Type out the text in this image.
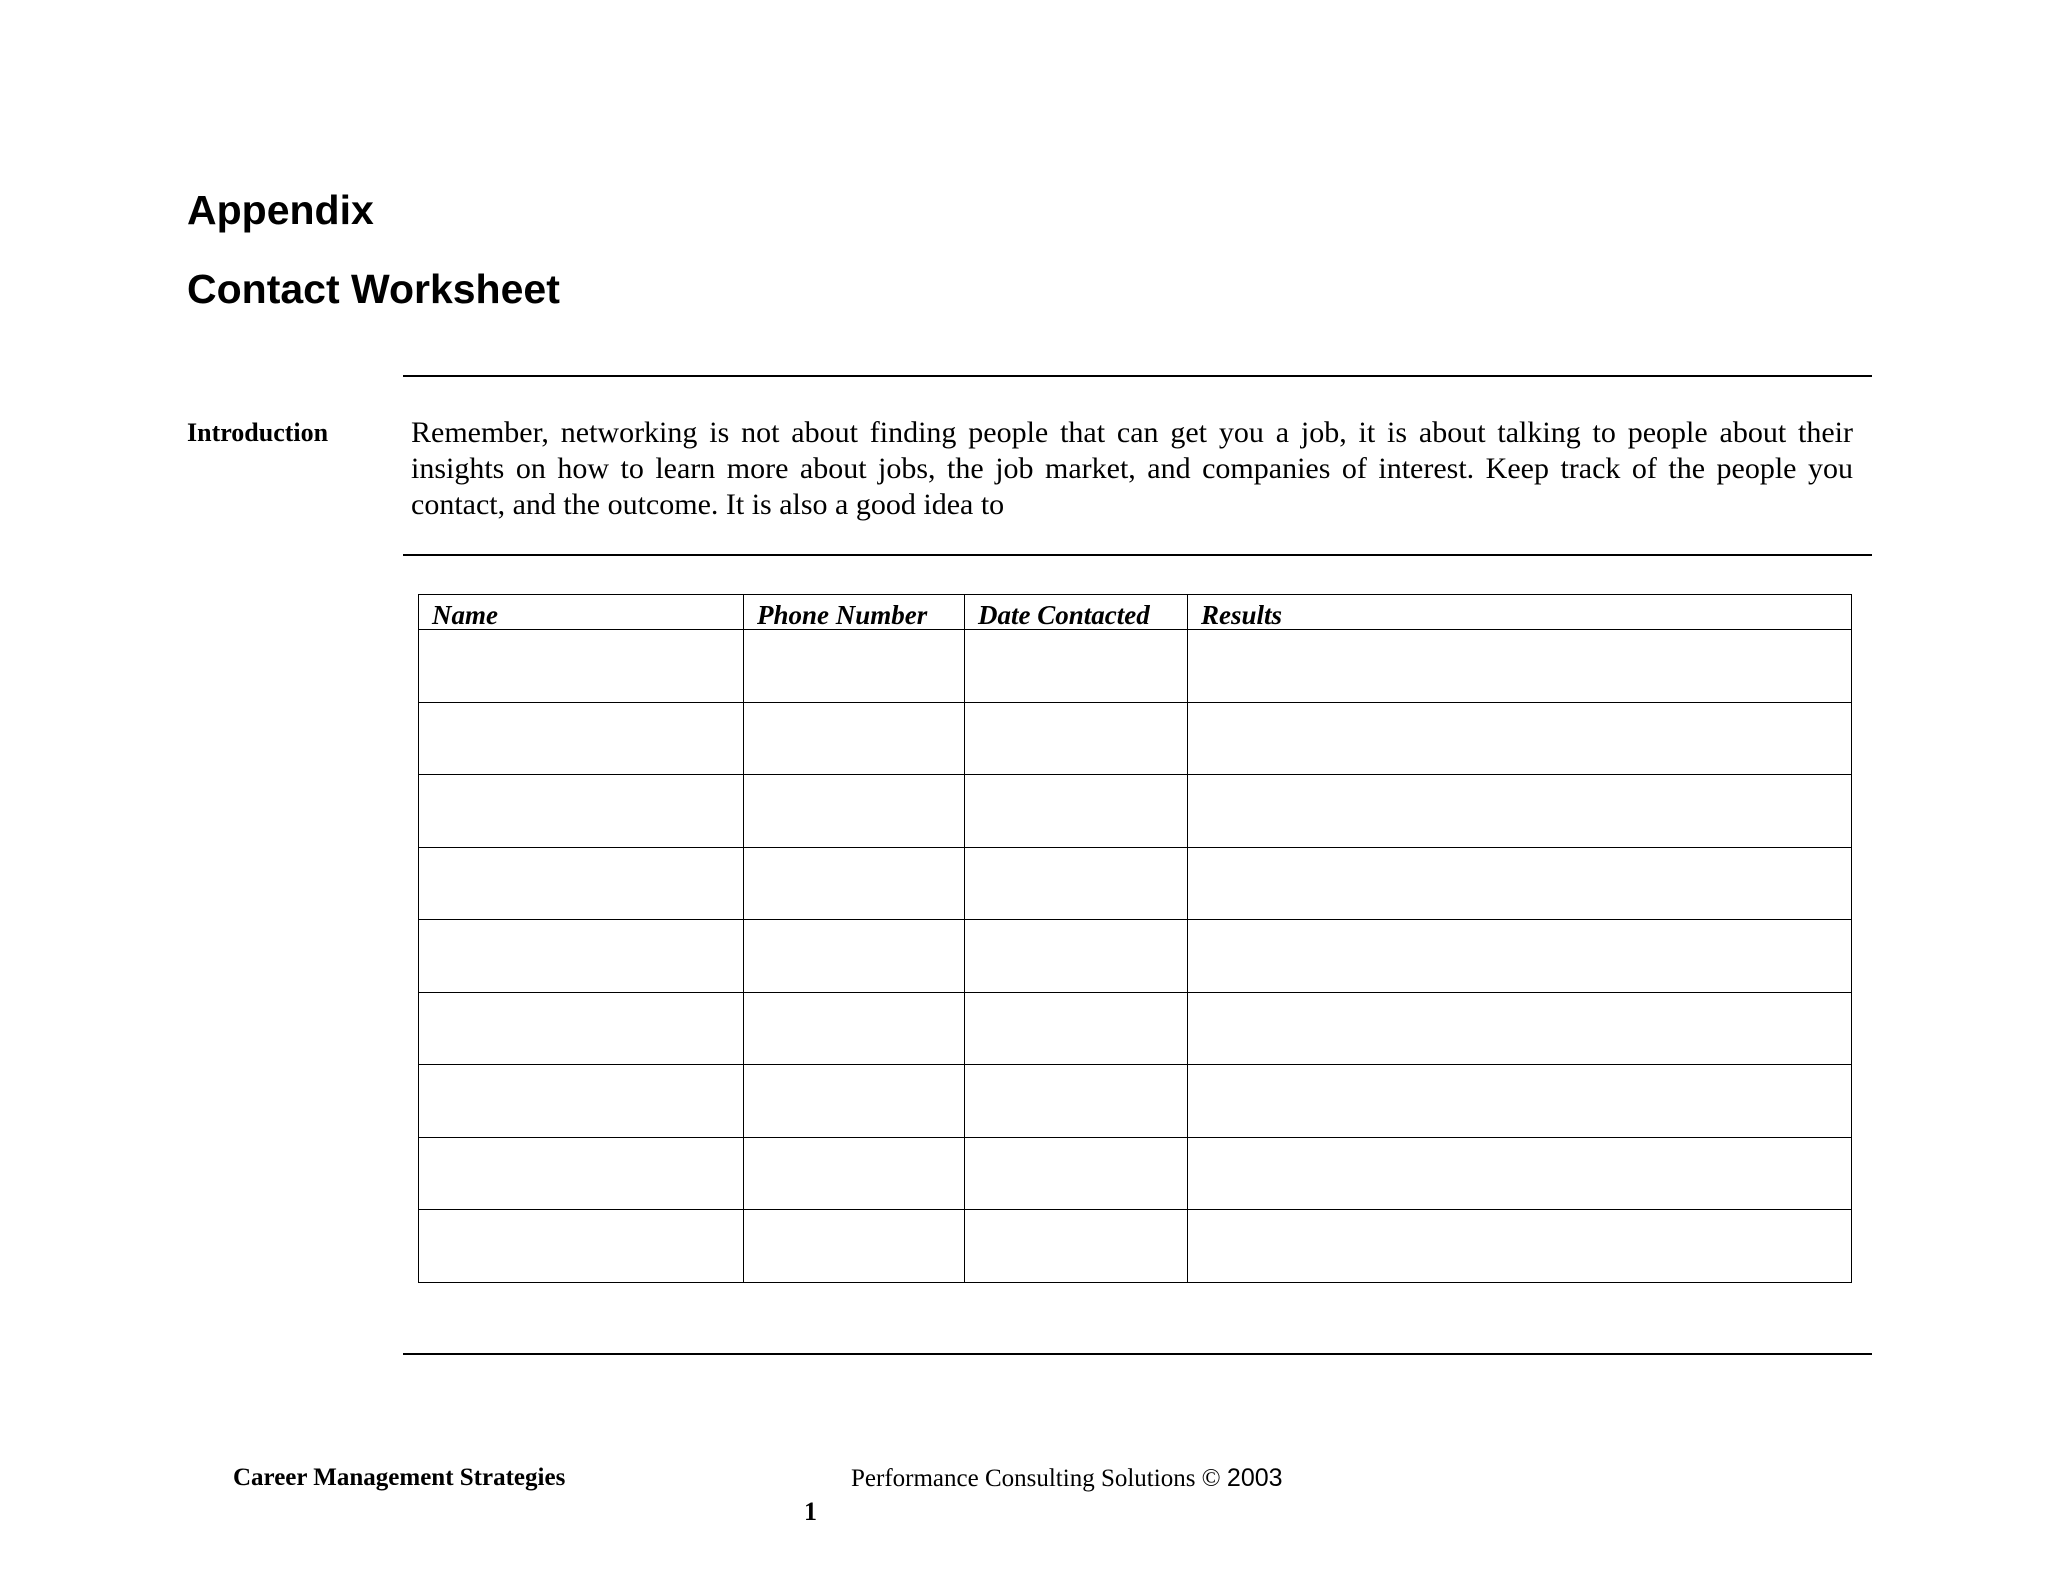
Appendix
Contact Worksheet
Introduction	Remember, networking is not about finding people that can get you a job, it is about talking to people about their insights on how to learn more about jobs, the job market, and companies of interest. Keep track of the people you contact, and the outcome. It is also a good idea to

Name	Phone Number	Date Contacted	Results

Career Management Strategies	Performance Consulting Solutions © 2003
1
